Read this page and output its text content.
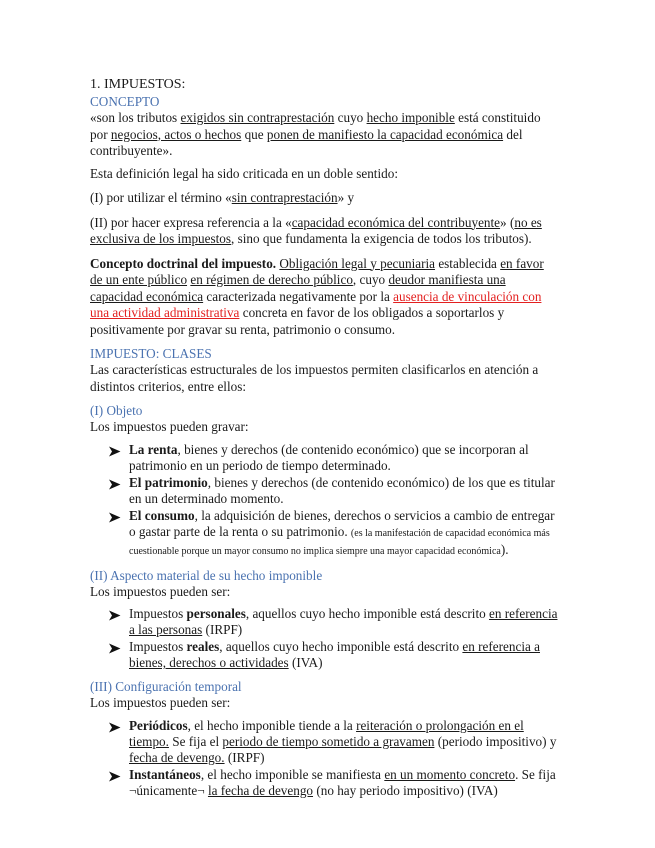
1. IMPUESTOS:
CONCEPTO

«son los tributos exigidos sin contraprestación cuyo hecho imponible está constituido por negocios, actos o hechos que ponen de manifiesto la capacidad económica del contribuyente».

Esta definición legal ha sido criticada en un doble sentido:

(I) por utilizar el término «sin contraprestación» y

(II) por hacer expresa referencia a la «capacidad económica del contribuyente» (no es exclusiva de los impuestos, sino que fundamenta la exigencia de todos los tributos).

Concepto doctrinal del impuesto. Obligación legal y pecuniaria establecida en favor de un ente público en régimen de derecho público, cuyo deudor manifiesta una capacidad económica caracterizada negativamente por la ausencia de vinculación con una actividad administrativa concreta en favor de los obligados a soportarlos y positivamente por gravar su renta, patrimonio o consumo.

IMPUESTO: CLASES

Las características estructurales de los impuestos permiten clasificarlos en atención a distintos criterios, entre ellos:

(I) Objeto

Los impuestos pueden gravar:

La renta, bienes y derechos (de contenido económico) que se incorporan al patrimonio en un periodo de tiempo determinado.
El patrimonio, bienes y derechos (de contenido económico) de los que es titular en un determinado momento.
El consumo, la adquisición de bienes, derechos o servicios a cambio de entregar o gastar parte de la renta o su patrimonio. (es la manifestación de capacidad económica más cuestionable porque un mayor consumo no implica siempre una mayor capacidad económica).
(II) Aspecto material de su hecho imponible

Los impuestos pueden ser:

Impuestos personales, aquellos cuyo hecho imponible está descrito en referencia a las personas (IRPF)
Impuestos reales, aquellos cuyo hecho imponible está descrito en referencia a bienes, derechos o actividades (IVA)
(III) Configuración temporal

Los impuestos pueden ser:

Periódicos, el hecho imponible tiende a la reiteración o prolongación en el tiempo. Se fija el periodo de tiempo sometido a gravamen (periodo impositivo) y fecha de devengo. (IRPF)
Instantáneos, el hecho imponible se manifiesta en un momento concreto. Se fija ¬únicamente¬ la fecha de devengo (no hay periodo impositivo) (IVA)
